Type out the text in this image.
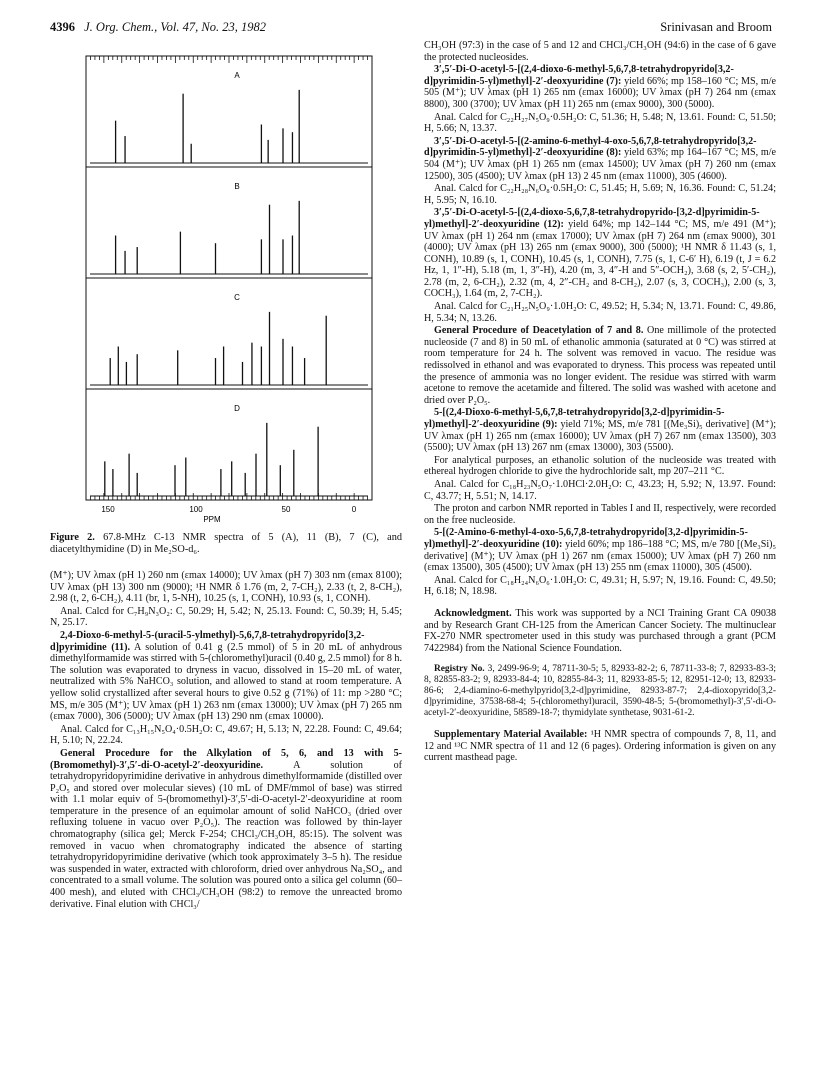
4396 J. Org. Chem., Vol. 47, No. 23, 1982	Srinivasan and Broom
A
B
C
D
150	100	50	0
PPM
Figure 2. 67.8-MHz C-13 NMR spectra of 5 (A), 11 (B), 7 (C), and diacetylthymidine (D) in Me₂SO-d₆.

(M⁺); UV λmax (pH 1) 260 nm (εmax 14000); UV λmax (pH 7) 303 nm (εmax 8100); UV λmax (pH 13) 300 nm (9000); ¹H NMR δ 1.76 (m, 2, 7-CH₂), 2.33 (t, 2, 8-CH₂), 2.98 (t, 2, 6-CH₂), 4.11 (br, 1, 5-NH), 10.25 (s, 1, CONH), 10.93 (s, 1, CONH).

Anal. Calcd for C₇H₉N₃O₂: C, 50.29; H, 5.42; N, 25.13. Found: C, 50.39; H, 5.45; N, 25.17.

2,4-Dioxo-6-methyl-5-(uracil-5-ylmethyl)-5,6,7,8-tetrahydropyrido[3,2-d]pyrimidine (11). A solution of 0.41 g (2.5 mmol) of 5 in 20 mL of anhydrous dimethylformamide was stirred with 5-(chloromethyl)uracil (0.40 g, 2.5 mmol) for 8 h. The solution was evaporated to dryness in vacuo, dissolved in 15–20 mL of water, neutralized with 5% NaHCO₃ solution, and allowed to stand at room temperature. A yellow solid crystallized after several hours to give 0.52 g (71%) of 11: mp >280 °C; MS, m/e 305 (M⁺); UV λmax (pH 1) 263 nm (εmax 13000); UV λmax (pH 7) 265 nm (εmax 7000), 306 (5000); UV λmax (pH 13) 290 nm (εmax 10000).

Anal. Calcd for C₁₃H₁₅N₅O₄·0.5H₂O: C, 49.67; H, 5.13; N, 22.28. Found: C, 49.64; H, 5.10; N, 22.24.

General Procedure for the Alkylation of 5, 6, and 13 with 5-(Bromomethyl)-3′,5′-di-O-acetyl-2′-deoxyuridine.	A solution of tetrahydropyridopyrimidine derivative in anhydrous dimethylformamide (distilled over P₂O₅ and stored over molecular sieves) (10 mL of DMF/mmol of base) was stirred with 1.1 molar equiv of 5-(bromomethyl)-3′,5′-di-O-acetyl-2′-deoxyuridine at room temperature in the presence of an equimolar amount of solid NaHCO₃ (dried over refluxing toluene in vacuo over P₂O₅). The reaction was followed by thin-layer chromatography (silica gel; Merck F-254; CHCl₃/CH₃OH, 85:15). The solvent was removed in vacuo when chromatography indicated the absence of starting tetrahydropyridopyrimidine derivative (which took approximately 3–5 h). The residue was suspended in water, extracted with chloroform, dried over anhydrous Na₂SO₄, and concentrated to a small volume. The solution was poured onto a silica gel column (60–400 mesh), and eluted with CHCl₃/CH₃OH (98:2) to remove the unreacted bromo derivative. Final elution with CHCl₃/

CH₃OH (97:3) in the case of 5 and 12 and CHCl₃/CH₃OH (94:6) in the case of 6 gave the protected nucleosides.

3′,5′-Di-O-acetyl-5-[(2,4-dioxo-6-methyl-5,6,7,8-tetrahydropyrido[3,2-d]pyrimidin-5-yl)methyl]-2′-deoxyuridine (7): yield 66%; mp 158–160 °C; MS, m/e 505 (M⁺); UV λmax (pH 1) 265 nm (εmax 16000); UV λmax (pH 7) 264 nm (εmax 8800), 300 (3700); UV λmax (pH 11) 265 nm (εmax 9000), 300 (5000).

Anal. Calcd for C₂₂H₂₇N₅O₉·0.5H₂O: C, 51.36; H, 5.48; N, 13.61. Found: C, 51.50; H, 5.66; N, 13.37.

3′,5′-Di-O-acetyl-5-[(2-amino-6-methyl-4-oxo-5,6,7,8-tetrahydropyrido[3,2-d]pyrimidin-5-yl)methyl]-2′-deoxyuridine (8): yield 63%; mp 164–167 °C; MS, m/e 504 (M⁺); UV λmax (pH 1) 265 nm (εmax 14500); UV λmax (pH 7) 260 nm (εmax 12500), 305 (4500); UV λmax (pH 13) 2 45 nm (εmax 11000), 305 (4600).

Anal. Calcd for C₂₂H₂₈N₆O₈·0.5H₂O: C, 51.45; H, 5.69; N, 16.36. Found: C, 51.24; H, 5.95; N, 16.10.

3′,5′-Di-O-acetyl-5-[(2,4-dioxo-5,6,7,8-tetrahydropyrido-[3,2-d]pyrimidin-5-yl)methyl]-2′-deoxyuridine (12): yield 64%; mp 142–144 °C; MS, m/e 491 (M⁺); UV λmax (pH 1) 264 nm (εmax 17000); UV λmax (pH 7) 264 nm (εmax 9000), 301 (4000); UV λmax (pH 13) 265 nm (εmax 9000), 300 (5000); ¹H NMR δ 11.43 (s, 1, CONH), 10.89 (s, 1, CONH), 10.45 (s, 1, CONH), 7.75 (s, 1, C-6′ H), 6.19 (t, J = 6.2 Hz, 1, 1″-H), 5.18 (m, 1, 3″-H), 4.20 (m, 3, 4″-H and 5″-OCH₂), 3.68 (s, 2, 5′-CH₂), 2.78 (m, 2, 6-CH₂), 2.32 (m, 4, 2″-CH₂ and 8-CH₂), 2.07 (s, 3, COCH₃), 2.00 (s, 3, COCH₃), 1.64 (m, 2, 7-CH₂).

Anal. Calcd for C₂₁H₂₅N₅O₉·1.0H₂O: C, 49.52; H, 5.34; N, 13.71. Found: C, 49.86, H, 5.34; N, 13.26.

General Procedure of Deacetylation of 7 and 8. One millimole of the protected nucleoside (7 and 8) in 50 mL of ethanolic ammonia (saturated at 0 °C) was stirred at room temperature for 24 h. The solvent was removed in vacuo. The residue was redissolved in ethanol and was evaporated to dryness. This process was repeated until the presence of ammonia was no longer evident. The residue was stirred with warm acetone to remove the acetamide and filtered. The solid was washed with acetone and dried over P₂O₅.

5-[(2,4-Dioxo-6-methyl-5,6,7,8-tetrahydropyrido[3,2-d]pyrimidin-5-yl)methyl]-2′-deoxyuridine (9): yield 71%; MS, m/e 781 [(Me₃Si)₅ derivative] (M⁺); UV λmax (pH 1) 265 nm (εmax 16000); UV λmax (pH 7) 267 nm (εmax 13500), 303 (5500); UV λmax (pH 13) 267 nm (εmax 13000), 303 (5500).

For analytical purposes, an ethanolic solution of the nucleoside was treated with ethereal hydrogen chloride to give the hydrochloride salt, mp 207–211 °C.

Anal. Calcd for C₁₈H₂₃N₅O₇·1.0HCl·2.0H₂O: C, 43.23; H, 5.92; N, 13.97. Found: C, 43.77; H, 5.51; N, 14.17.

The proton and carbon NMR reported in Tables I and II, respectively, were recorded on the free nucleoside.

5-[(2-Amino-6-methyl-4-oxo-5,6,7,8-tetrahydropyrido[3,2-d]pyrimidin-5-yl)methyl]-2′-deoxyuridine (10): yield 60%; mp 186–188 °C; MS, m/e 780 [(Me₃Si)₅ derivative] (M⁺); UV λmax (pH 1) 267 nm (εmax 15000); UV λmax (pH 7) 260 nm (εmax 13500), 305 (4500); UV λmax (pH 13) 255 nm (εmax 11000), 305 (4500).

Anal. Calcd for C₁₈H₂₄N₆O₆·1.0H₂O: C, 49.31; H, 5.97; N, 19.16. Found: C, 49.50; H, 6.18; N, 18.98.

Acknowledgment. This work was supported by a NCI Training Grant CA 09038 and by Research Grant CH-125 from the American Cancer Society. The multinuclear FX-270 NMR spectrometer used in this study was purchased through a grant (PCM 7422984) from the National Science Foundation.

Registry No. 3, 2499-96-9; 4, 78711-30-5; 5, 82933-82-2; 6, 78711-33-8; 7, 82933-83-3; 8, 82855-83-2; 9, 82933-84-4; 10, 82855-84-3; 11, 82933-85-5; 12, 82951-12-0; 13, 82933-86-6; 2,4-diamino-6-methylpyrido[3,2-d]pyrimidine, 82933-87-7; 2,4-dioxopyrido[3,2-d]pyrimidine, 37538-68-4; 5-(chloromethyl)uracil, 3590-48-5; 5-(bromomethyl)-3′,5′-di-O-acetyl-2′-deoxyuridine, 58589-18-7; thymidylate synthetase, 9031-61-2.

Supplementary Material Available: ¹H NMR spectra of compounds 7, 8, 11, and 12 and ¹³C NMR spectra of 11 and 12 (6 pages). Ordering information is given on any current masthead page.
